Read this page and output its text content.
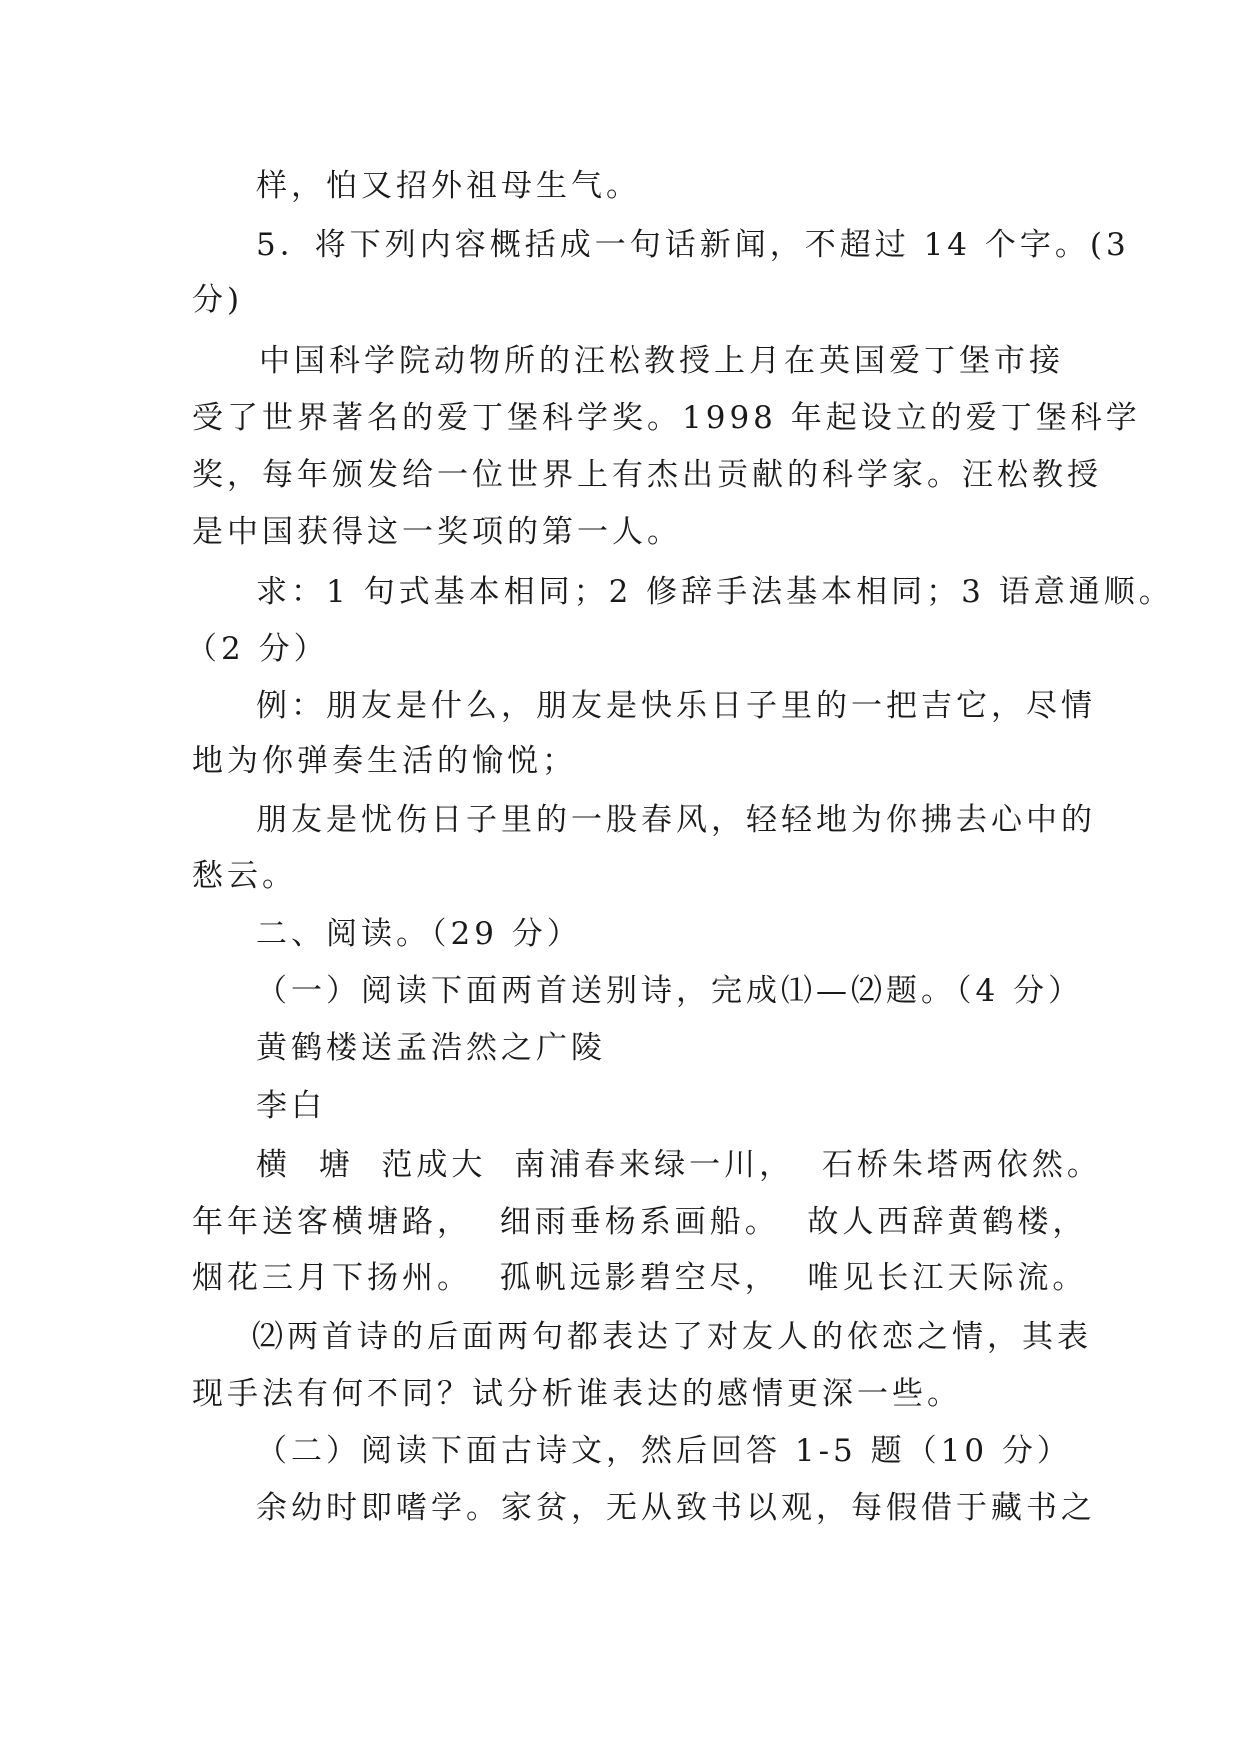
样，怕又招外祖母生气。
5．将下列内容概括成一句话新闻，不超过 14 个字。(3
分)
中国科学院动物所的汪松教授上月在英国爱丁堡市接
受了世界著名的爱丁堡科学奖。1998 年起设立的爱丁堡科学
奖，每年颁发给一位世界上有杰出贡献的科学家。汪松教授
是中国获得这一奖项的第一人。
求：1 句式基本相同；2 修辞手法基本相同；3 语意通顺。
（2 分）
例：朋友是什么，朋友是快乐日子里的一把吉它，尽情
地为你弹奏生活的愉悦；
朋友是忧伤日子里的一股春风，轻轻地为你拂去心中的
愁云。
二、阅读。（29 分）
（一）阅读下面两首送别诗，完成⑴—⑵题。（4 分）
黄鹤楼送孟浩然之广陵
李白
横  塘  范成大  南浦春来绿一川，  石桥朱塔两依然。
年年送客横塘路，  细雨垂杨系画船。  故人西辞黄鹤楼，
烟花三月下扬州。  孤帆远影碧空尽，  唯见长江天际流。
⑵两首诗的后面两句都表达了对友人的依恋之情，其表
现手法有何不同？试分析谁表达的感情更深一些。
（二）阅读下面古诗文，然后回答 1-5 题（10 分）
余幼时即嗜学。家贫，无从致书以观，每假借于藏书之
